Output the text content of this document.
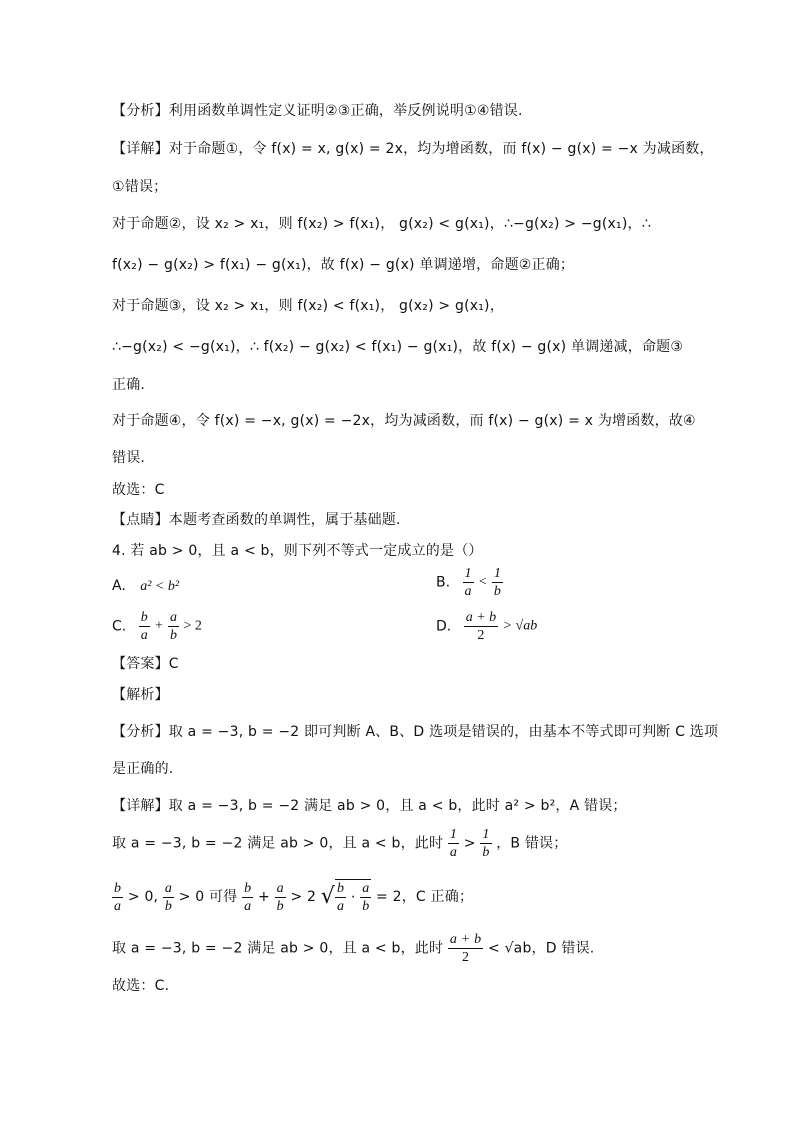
【分析】利用函数单调性定义证明②③正确，举反例说明①④错误.
【详解】对于命题①，令 f(x) = x, g(x) = 2x，均为增函数，而 f(x) − g(x) = −x 为减函数，
①错误；
对于命题②，设 x₂ > x₁，则 f(x₂) > f(x₁)， g(x₂) < g(x₁)，∴−g(x₂) > −g(x₁)，∴
f(x₂) − g(x₂) > f(x₁) − g(x₁)，故 f(x) − g(x) 单调递增，命题②正确；
对于命题③，设 x₂ > x₁，则 f(x₂) < f(x₁)， g(x₂) > g(x₁)，
∴−g(x₂) < −g(x₁)，∴ f(x₂) − g(x₂) < f(x₁) − g(x₁)，故 f(x) − g(x) 单调递减，命题③
正确.
对于命题④，令 f(x) = −x, g(x) = −2x，均为减函数，而 f(x) − g(x) = x 为增函数，故④
错误.
故选：C
【点睛】本题考查函数的单调性，属于基础题.
4. 若 ab > 0，且 a < b，则下列不等式一定成立的是（）
A. a² < b²	B. $\frac{1}{a} < \frac{1}{b}$
C. $\frac{b}{a} + \frac{a}{b} > 2$	D. $\frac{a + b}{2} > √ab$
【答案】C
【解析】
【分析】取 a = −3, b = −2 即可判断 A、B、D 选项是错误的，由基本不等式即可判断 C 选项
是正确的.
【详解】取 a = −3, b = −2 满足 ab > 0，且 a < b，此时 a² > b²，A 错误；
取 a = −3, b = −2 满足 ab > 0，且 a < b，此时 $\frac{1}{a} > \frac{1}{b}$ ，B 错误；
$\frac{b}{a} > 0$, $\frac{a}{b} > 0$ 可得 $\frac{b}{a} + \frac{a}{b} > 2$ √ $\frac{b}{a} \cdot \frac{a}{b} = 2$，C 正确；
取 a = −3, b = −2 满足 ab > 0，且 a < b，此时 $\frac{a + b}{2} < √ab$，D 错误.
故选：C.
